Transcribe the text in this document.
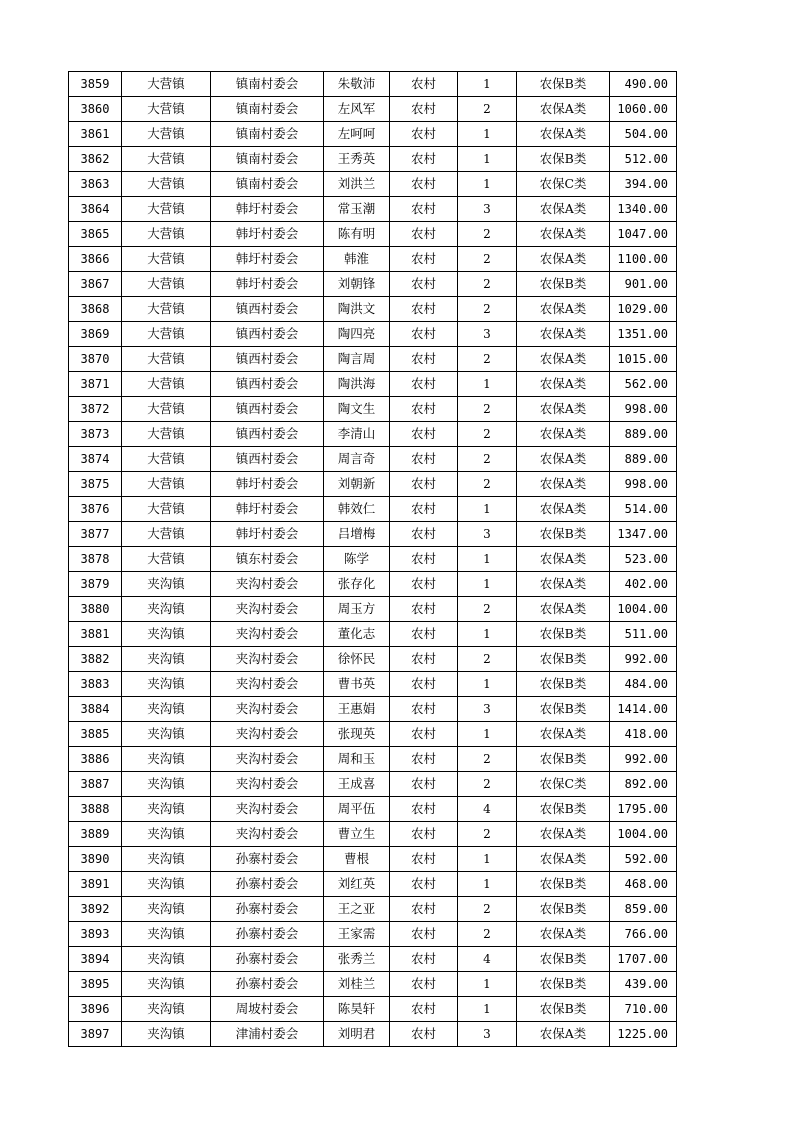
3859	大营镇	镇南村委会	朱敬沛	农村	1	农保B类	490.00
3860	大营镇	镇南村委会	左风军	农村	2	农保A类	1060.00
3861	大营镇	镇南村委会	左呵呵	农村	1	农保A类	504.00
3862	大营镇	镇南村委会	王秀英	农村	1	农保B类	512.00
3863	大营镇	镇南村委会	刘洪兰	农村	1	农保C类	394.00
3864	大营镇	韩圩村委会	常玉潮	农村	3	农保A类	1340.00
3865	大营镇	韩圩村委会	陈有明	农村	2	农保A类	1047.00
3866	大营镇	韩圩村委会	韩淮	农村	2	农保A类	1100.00
3867	大营镇	韩圩村委会	刘朝锋	农村	2	农保B类	901.00
3868	大营镇	镇西村委会	陶洪文	农村	2	农保A类	1029.00
3869	大营镇	镇西村委会	陶四亮	农村	3	农保A类	1351.00
3870	大营镇	镇西村委会	陶言周	农村	2	农保A类	1015.00
3871	大营镇	镇西村委会	陶洪海	农村	1	农保A类	562.00
3872	大营镇	镇西村委会	陶文生	农村	2	农保A类	998.00
3873	大营镇	镇西村委会	李清山	农村	2	农保A类	889.00
3874	大营镇	镇西村委会	周言奇	农村	2	农保A类	889.00
3875	大营镇	韩圩村委会	刘朝新	农村	2	农保A类	998.00
3876	大营镇	韩圩村委会	韩效仁	农村	1	农保A类	514.00
3877	大营镇	韩圩村委会	吕增梅	农村	3	农保B类	1347.00
3878	大营镇	镇东村委会	陈学	农村	1	农保A类	523.00
3879	夹沟镇	夹沟村委会	张存化	农村	1	农保A类	402.00
3880	夹沟镇	夹沟村委会	周玉方	农村	2	农保A类	1004.00
3881	夹沟镇	夹沟村委会	董化志	农村	1	农保B类	511.00
3882	夹沟镇	夹沟村委会	徐怀民	农村	2	农保B类	992.00
3883	夹沟镇	夹沟村委会	曹书英	农村	1	农保B类	484.00
3884	夹沟镇	夹沟村委会	王惠娟	农村	3	农保B类	1414.00
3885	夹沟镇	夹沟村委会	张现英	农村	1	农保A类	418.00
3886	夹沟镇	夹沟村委会	周和玉	农村	2	农保B类	992.00
3887	夹沟镇	夹沟村委会	王成喜	农村	2	农保C类	892.00
3888	夹沟镇	夹沟村委会	周平伍	农村	4	农保B类	1795.00
3889	夹沟镇	夹沟村委会	曹立生	农村	2	农保A类	1004.00
3890	夹沟镇	孙寨村委会	曹根	农村	1	农保A类	592.00
3891	夹沟镇	孙寨村委会	刘红英	农村	1	农保B类	468.00
3892	夹沟镇	孙寨村委会	王之亚	农村	2	农保B类	859.00
3893	夹沟镇	孙寨村委会	王家需	农村	2	农保A类	766.00
3894	夹沟镇	孙寨村委会	张秀兰	农村	4	农保B类	1707.00
3895	夹沟镇	孙寨村委会	刘桂兰	农村	1	农保B类	439.00
3896	夹沟镇	周坡村委会	陈昊轩	农村	1	农保B类	710.00
3897	夹沟镇	津浦村委会	刘明君	农村	3	农保A类	1225.00
